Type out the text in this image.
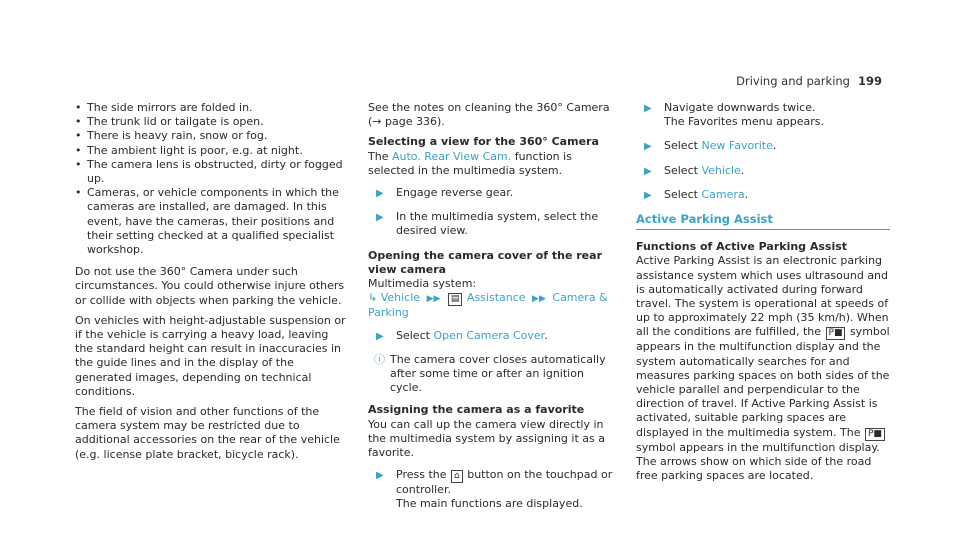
Driving and parking 199
• The side mirrors are folded in.
• The trunk lid or tailgate is open.
• There is heavy rain, snow or fog.
• The ambient light is poor, e.g. at night.
• The camera lens is obstructed, dirty or fogged up.
• Cameras, or vehicle components in which the cameras are installed, are damaged. In this event, have the cameras, their positions and their setting checked at a qualified specialist workshop.

Do not use the 360° Camera under such circumstances. You could otherwise injure others or collide with objects when parking the vehicle.

On vehicles with height-adjustable suspension or if the vehicle is carrying a heavy load, leaving the standard height can result in inaccuracies in the guide lines and in the display of the generated images, depending on technical conditions.

The field of vision and other functions of the camera system may be restricted due to additional accessories on the rear of the vehicle (e.g. license plate bracket, bicycle rack).

See the notes on cleaning the 360° Camera (→ page 336).

Selecting a view for the 360° Camera

The Auto. Rear View Cam. function is selected in the multimedia system.

▶	Engage reverse gear.
▶	In the multimedia system, select the desired view.
Opening the camera cover of the rear view camera
Multimedia system:
↳ Vehicle ▶▶ ▤ Assistance ▶▶ Camera & Parking
▶	Select Open Camera Cover.
ⓘ The camera cover closes automatically after some time or after an ignition cycle.
Assigning the camera as a favorite

You can call up the camera view directly in the multimedia system by assigning it as a favorite.

▶	Press the ⌂ button on the touchpad or controller.
The main functions are displayed.
▶	Navigate downwards twice.
The Favorites menu appears.
▶	Select New Favorite.
▶	Select Vehicle.
▶	Select Camera.
Active Parking Assist
Functions of Active Parking Assist

Active Parking Assist is an electronic parking assistance system which uses ultrasound and is automatically activated during forward travel. The system is operational at speeds of up to approximately 22 mph (35 km/h). When all the conditions are fulfilled, the P■ symbol appears in the multifunction display and the system automatically searches for and measures parking spaces on both sides of the vehicle parallel and perpendicular to the direction of travel. If Active Parking Assist is activated, suitable parking spaces are displayed in the multimedia system. The P■ symbol appears in the multifunction display. The arrows show on which side of the road free parking spaces are located.
